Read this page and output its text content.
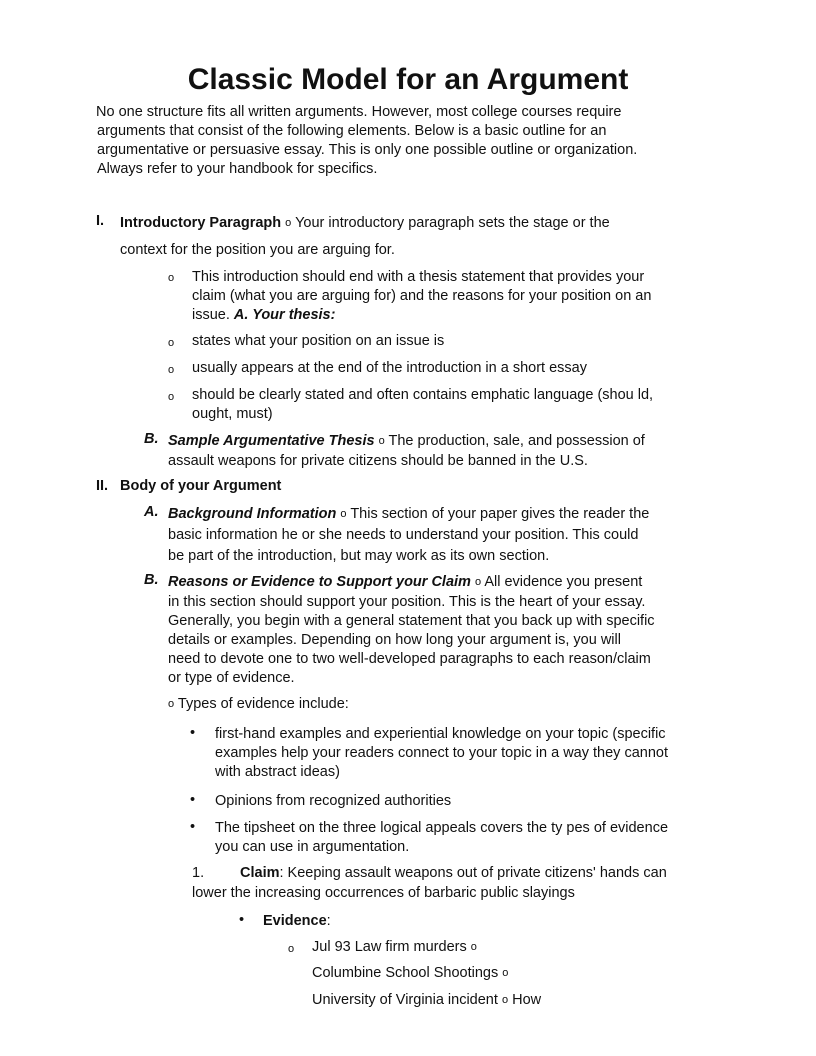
Classic Model for an Argument
No one structure fits all written arguments. However, most college courses require
arguments that consist of the following elements. Below is a basic outline for an
argumentative or persuasive essay. This is only one possible outline or organization.
Always refer to your handbook for specifics.
I. Introductory Paragraph o Your introductory paragraph sets the stage or the
context for the position you are arguing for.
o This introduction should end with a thesis statement that provides your
claim (what you are arguing for) and the reasons for your position on an
issue. A. Your thesis:
o states what your position on an issue is
o usually appears at the end of the introduction in a short essay
o should be clearly stated and often contains emphatic language (shou ld,
ought, must)
B. Sample Argumentative Thesis o The production, sale, and possession of
assault weapons for private citizens should be banned in the U.S.
II. Body of your Argument
A. Background Information o This section of your paper gives the reader the
basic information he or she needs to understand your position. This could
be part of the introduction, but may work as its own section.
B. Reasons or Evidence to Support your Claim o All evidence you present
in this section should support your position. This is the heart of your essay.
Generally, you begin with a general statement that you back up with specific
details or examples. Depending on how long your argument is, you will
need to devote one to two well-developed paragraphs to each reason/claim
or type of evidence.
o Types of evidence include:
• first-hand examples and experiential knowledge on your topic (specific
examples help your readers connect to your topic in a way they cannot
with abstract ideas)
• Opinions from recognized authorities
• The tipsheet on the three logical appeals covers the ty pes of evidence
you can use in argumentation.
1. Claim: Keeping assault weapons out of private citizens' hands can
lower the increasing occurrences of barbaric public slayings
• Evidence:
o Jul 93 Law firm murders o
Columbine School Shootings o
University of Virginia incident o How
